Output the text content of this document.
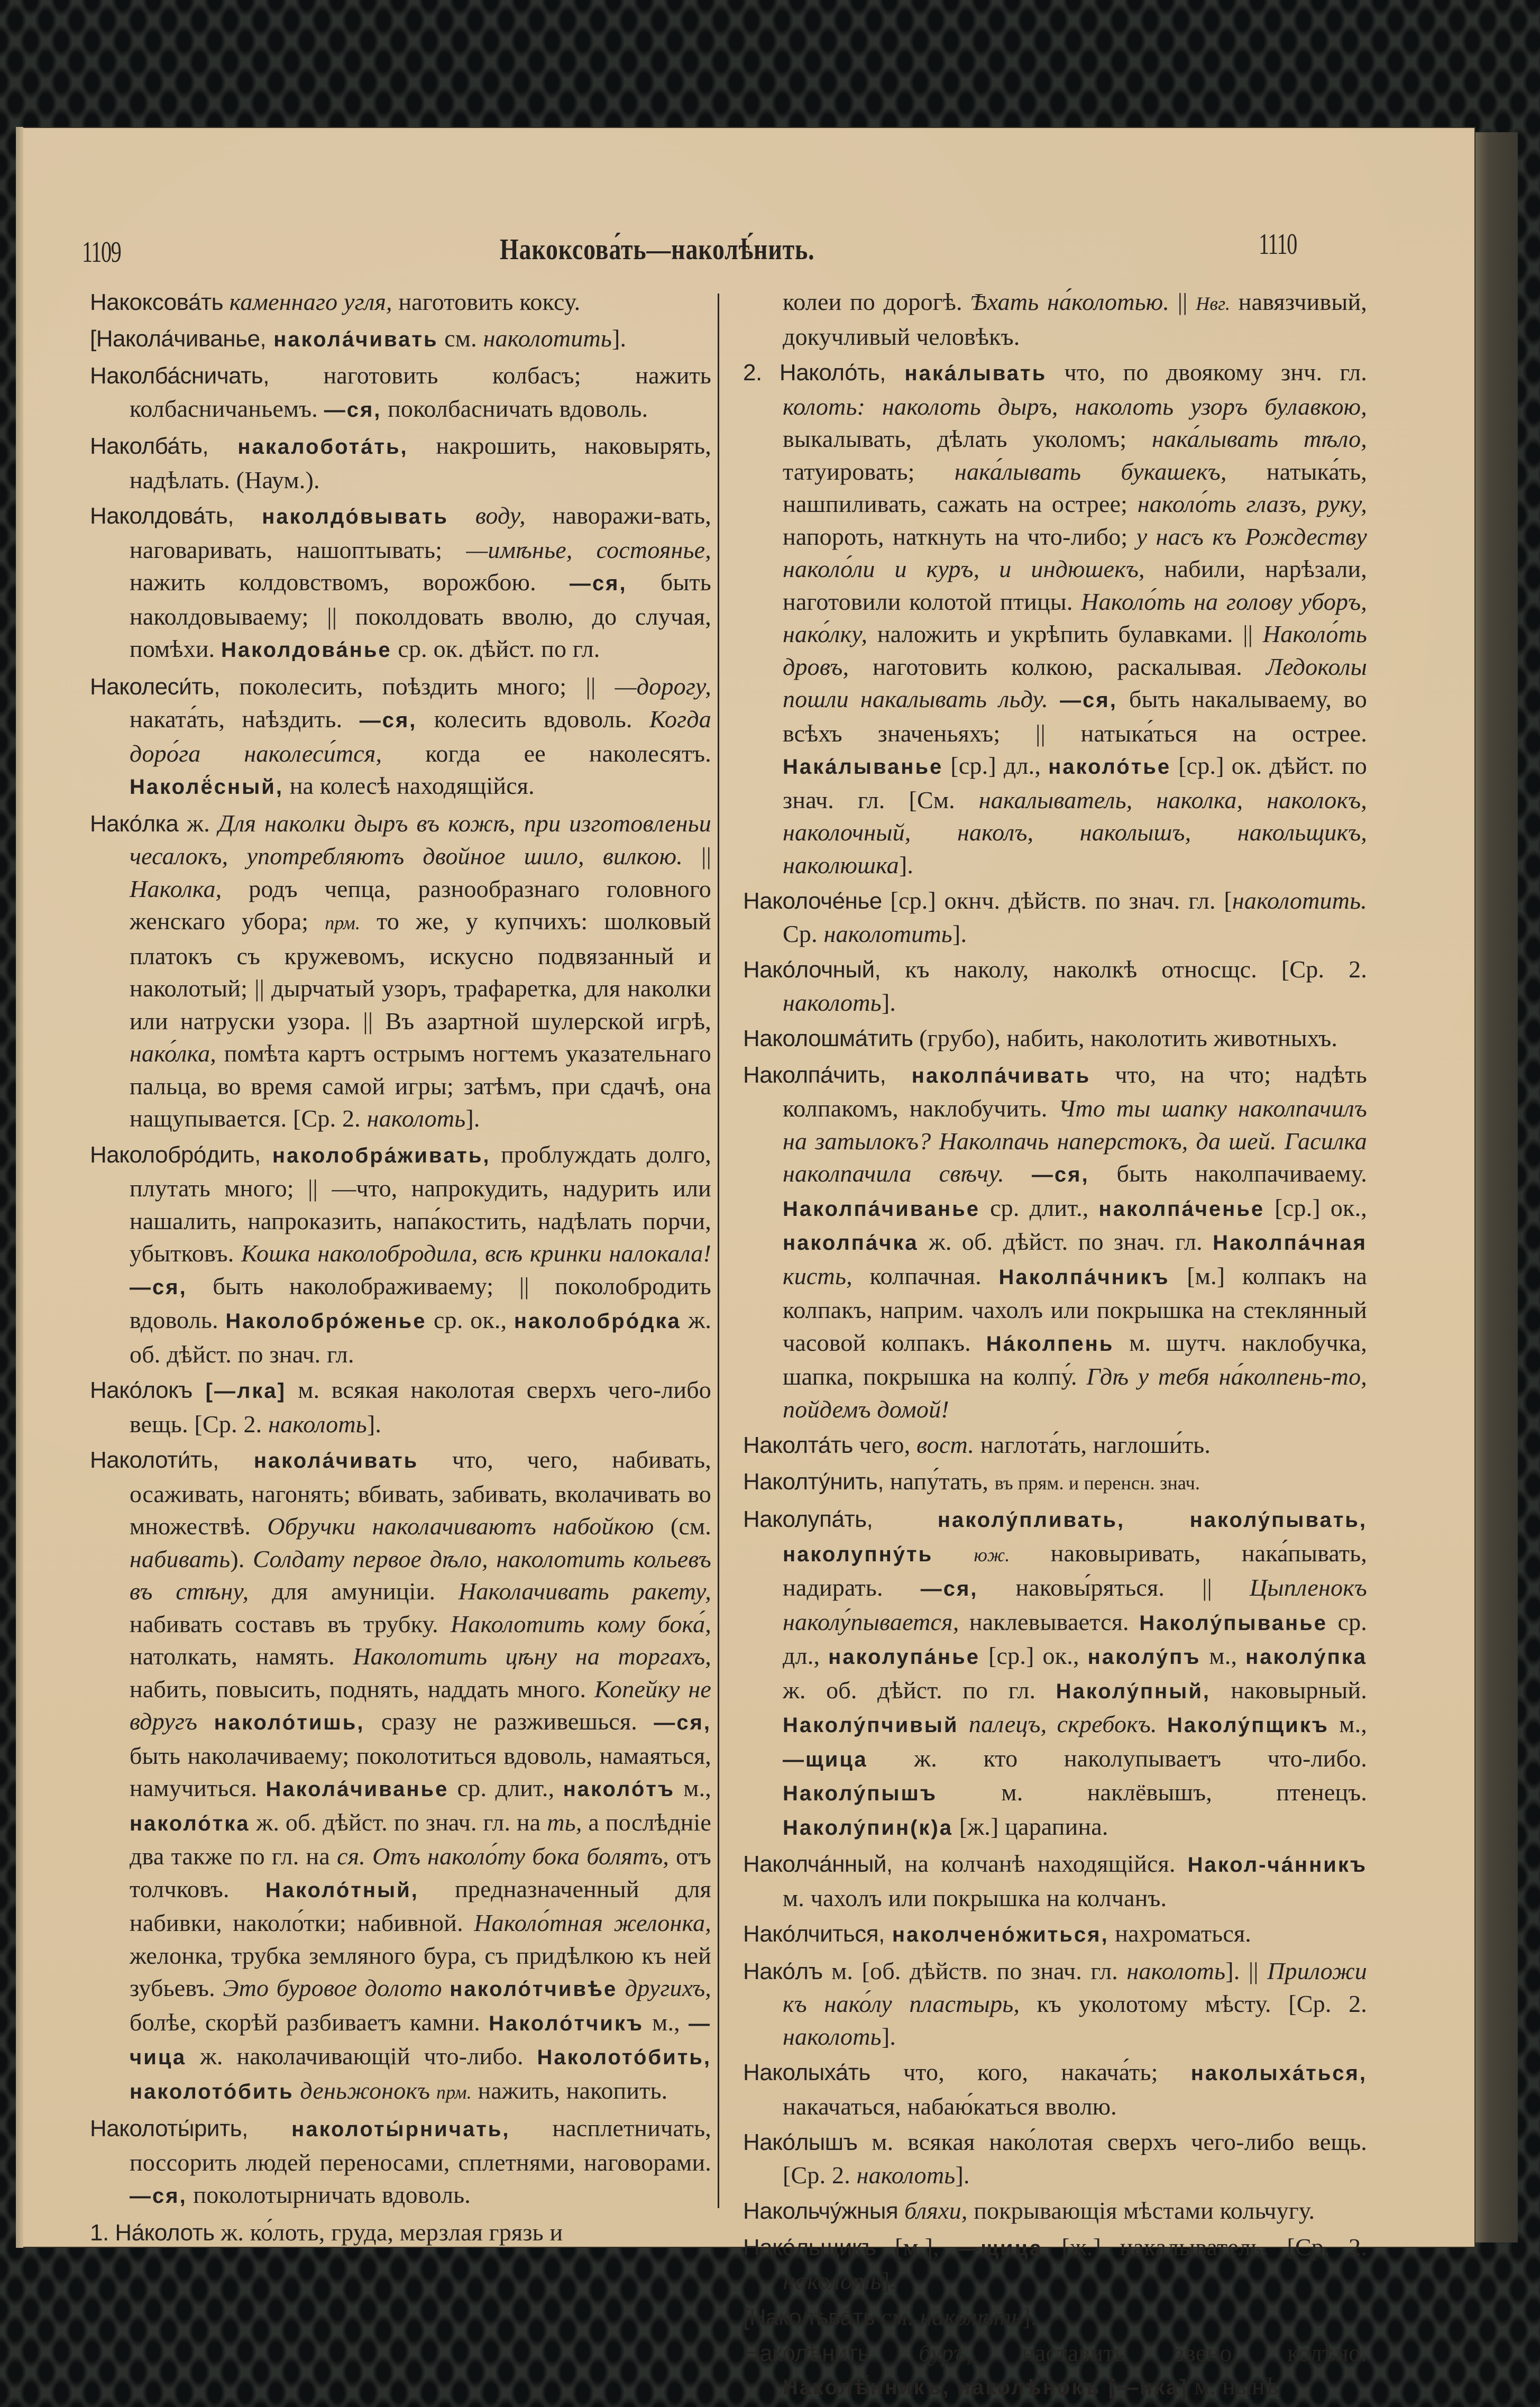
1109	Накоксова́ть—наколѣ́нить.	1110

Накоксова́ть каменнаго угля, наготовить коксу.

[Накола́чиванье, накола́чивать см. наколотить].

Наколба́сничать, наготовить колбасъ; нажить колбасничаньемъ. —ся, поколбасничать вдоволь.

Наколба́ть, накалобота́ть, накрошить, наковырять, надѣлать. (Наум.).

Наколдова́ть, наколдо́вывать воду, наворажи-вать, наговаривать, нашоптывать; —имѣнье, состоянье, нажить колдовствомъ, ворожбою. —ся, быть наколдовываему; || поколдовать вволю, до случая, помѣхи. Наколдова́нье ср. ок. дѣйст. по гл.

Наколеси́ть, поколесить, поѣздить много; || —дорогу, наката́ть, наѣздить. —ся, колесить вдоволь. Когда доро́га наколеси́тся, когда ее наколесятъ. Наколё́сный, на колесѣ находящійся.

Нако́лка ж. Для наколки дыръ въ кожѣ, при изготовленьи чесалокъ, употребляютъ двойное шило, вилкою. || Наколка, родъ чепца, разнообразнаго головного женскаго убора; прм. то же, у купчихъ: шолковый платокъ съ кружевомъ, искусно подвязанный и наколотый; || дырчатый узоръ, трафаретка, для наколки или натруски узора. || Въ азартной шулерской игрѣ, нако́лка, помѣта картъ острымъ ногтемъ указательнаго пальца, во время самой игры; затѣмъ, при сдачѣ, она нащупывается. [Ср. 2. наколоть].

Наколобро́дить, наколобра́живать, проблуждать долго, плутать много; || —что, напрокудить, надурить или нашалить, напроказить, напа́костить, надѣлать порчи, убытковъ. Кошка наколобродила, всѣ кринки налокала! —ся, быть наколображиваему; || поколобродить вдоволь. Наколобро́женье ср. ок., наколобро́дка ж. об. дѣйст. по знач. гл.

Нако́локъ [—лка] м. всякая наколотая сверхъ чего-либо вещь. [Ср. 2. наколоть].

Наколоти́ть, накола́чивать что, чего, набивать, осаживать, нагонять; вбивать, забивать, вколачивать во множествѣ. Обручки наколачиваютъ набойкою (см. набивать). Солдату первое дѣло, наколотить кольевъ въ стѣну, для амуниціи. Наколачивать ракету, набивать составъ въ трубку. Наколотить кому бока́, натолкать, намять. Наколотить цѣну на торгахъ, набить, повысить, поднять, наддать много. Копейку не вдругъ наколо́тишь, сразу не разживешься. —ся, быть наколачиваему; поколотиться вдоволь, намаяться, намучиться. Накола́чиванье ср. длит., наколо́тъ м., наколо́тка ж. об. дѣйст. по знач. гл. на ть, а послѣдніе два также по гл. на ся. Отъ наколо́ту бока болятъ, отъ толчковъ. Наколо́тный, предназначенный для набивки, наколо́тки; набивной. Наколо́тная желонка, желонка, трубка земляного бура, съ придѣлкою къ ней зубьевъ. Это буровое долото наколо́тчивѣе другихъ, болѣе, скорѣй разбиваетъ камни. Наколо́тчикъ м., —чица ж. наколачивающій что-либо. Наколото́бить, наколото́бить деньжонокъ прм. нажить, накопить.

Наколоты́рить, наколоты́рничать, насплетничать, поссорить людей переносами, сплетнями, наговорами. —ся, поколотырничать вдоволь.

1. На́колоть ж. ко́лоть, груда, мерзлая грязь и

колеи по дорогѣ. Ѣхать на́колотью. || Нвг. навязчивый, докучливый человѣкъ.

2. Наколо́ть, нака́лывать что, по двоякому знч. гл. колоть: наколоть дыръ, наколоть узоръ булавкою, выкалывать, дѣлать уколомъ; нака́лывать тѣло, татуировать; нака́лывать букашекъ, натыка́ть, нашпиливать, сажать на острее; наколо́ть глазъ, руку, напороть, наткнуть на что-либо; у насъ къ Рождеству наколо́ли и куръ, и индюшекъ, набили, нарѣзали, наготовили колотой птицы. Наколо́ть на голову уборъ, нако́лку, наложить и укрѣпить булавками. || Наколо́ть дровъ, наготовить колкою, раскалывая. Ледоколы пошли накалывать льду. —ся, быть накалываему, во всѣхъ значеньяхъ; || натыка́ться на острее. Нака́лыванье [ср.] дл., наколо́тье [ср.] ок. дѣйст. по знач. гл. [См. накалыватель, наколка, наколокъ, наколочный, наколъ, наколышъ, накольщикъ, наколюшка].

Наколоче́нье [ср.] окнч. дѣйств. по знач. гл. [наколотить. Ср. наколотить].

Нако́лочный, къ наколу, наколкѣ относщс. [Ср. 2. наколоть].

Наколошма́тить (грубо), набить, наколотить животныхъ.

Наколпа́чить, наколпа́чивать что, на что; надѣть колпакомъ, наклобучить. Что ты шапку наколпачилъ на затылокъ? Наколпачь наперстокъ, да шей. Гасилка наколпачила свѣчу. —ся, быть наколпачиваему. Наколпа́чиванье ср. длит., наколпа́ченье [ср.] ок., наколпа́чка ж. об. дѣйст. по знач. гл. Наколпа́чная кисть, колпачная. Наколпа́чникъ [м.] колпакъ на колпакъ, наприм. чахолъ или покрышка на стеклянный часовой колпакъ. На́колпень м. шутч. наклобучка, шапка, покрышка на колпу́. Гдѣ у тебя на́колпень-то, пойдемъ домой!

Наколта́ть чего, вост. наглота́ть, наглоши́ть.

Наколту́нить, напу́тать, въ прям. и перенсн. знач.

Наколупа́ть, наколу́пливать, наколу́пывать, наколупну́ть юж. наковыривать, нака́пывать, надирать. —ся, наковы́ряться. || Цыпленокъ наколу́пывается, наклевывается. Наколу́пыванье ср. дл., наколупа́нье [ср.] ок., наколу́пъ м., наколу́пка ж. об. дѣйст. по гл. Наколу́пный, наковырный. Наколу́пчивый палецъ, скребокъ. Наколу́пщикъ м., —щица ж. кто наколупываетъ что-либо. Наколу́пышъ м. наклёвышъ, птенецъ. Наколу́пин(к)а [ж.] царапина.

Наколча́нный, на колчанѣ находящійся. Накол-ча́нникъ м. чахолъ или покрышка на колчанъ.

Нако́лчиться, наколчено́житься, нахроматься.

Нако́лъ м. [об. дѣйств. по знач. гл. наколоть]. || Приложи къ нако́лу пластырь, къ уколотому мѣсту. [Ср. 2. наколоть].

Наколыха́ть что, кого, накача́ть; наколыха́ться, накачаться, набаю́каться вволю.

Нако́лышъ м. всякая нако́лотая сверхъ чего-либо вещь. [Ср. 2. наколоть].

Накольчу́жныя бляхи, покрывающія мѣстами кольчугу.

Нако́льщикъ [м.], —щица [ж.] накалыватель. [Ср. 2. наколоть].

[Наколѣва́ть см. наколѣть].

Наколѣ́нить буръ, наставить звено, колѣно. Наколѣ́нникъ, наколѣ́нокъ [—нка] м. нынѣ
